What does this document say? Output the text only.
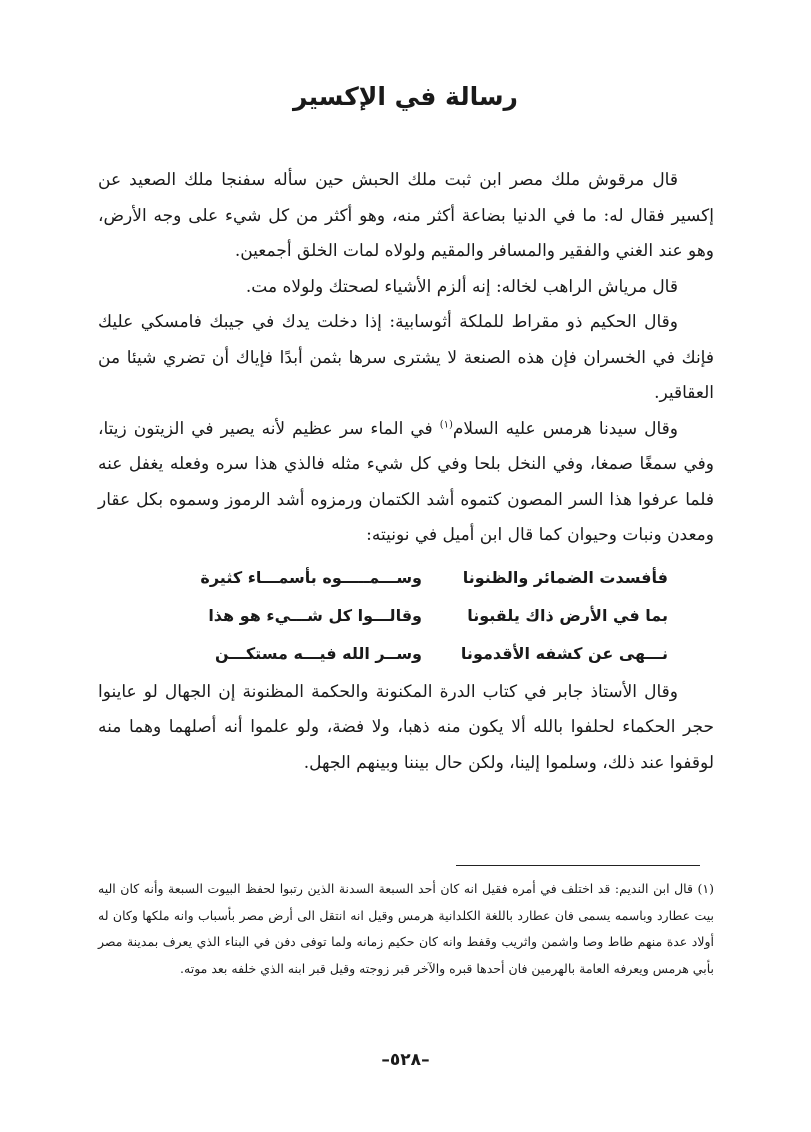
رسالة في الإكسير

قال مرقوش ملك مصر ابن ثبت ملك الحبش حين سأله سفنجا ملك الصعيد عن إكسير فقال له: ما في الدنيا بضاعة أكثر منه، وهو أكثر من كل شيء على وجه الأرض، وهو عند الغني والفقير والمسافر والمقيم ولولاه لمات الخلق أجمعين.

قال مرياش الراهب لخاله: إنه ألزم الأشياء لصحتك ولولاه مت.

وقال الحكيم ذو مقراط للملكة أثوسابية: إذا دخلت يدك في جيبك فامسكي عليك فإنك في الخسران فإن هذه الصنعة لا يشترى سرها بثمن أبدًا فإياك أن تضري شيئا من العقاقير.

وقال سيدنا هرمس عليه السلام$^{(١)}$ في الماء سر عظيم لأنه يصير في الزيتون زيتا، وفي سمغًا صمغا، وفي النخل بلحا وفي كل شيء مثله فالذي هذا سره وفعله يغفل عنه فلما عرفوا هذا السر المصون كتموه أشد الكتمان ورمزوه أشد الرموز وسموه بكل عقار ومعدن ونبات وحيوان كما قال ابن أميل في نونيته:

فأفسدت الضمائر والظنونا
وســـمـــــوه بأسمـــاء كثيرة
بما في الأرض ذاك يلقبونا
وقالـــوا كل شـــيء هو هذا
نـــهى عن كشفه الأقدمونا
وســر الله فيـــه مستكـــن

وقال الأستاذ جابر في كتاب الدرة المكنونة والحكمة المظنونة إن الجهال لو عاينوا حجر الحكماء لحلفوا بالله ألا يكون منه ذهبا، ولا فضة، ولو علموا أنه أصلهما وهما منه لوقفوا عند ذلك، وسلموا إلينا، ولكن حال بيننا وبينهم الجهل.

(١) قال ابن النديم: قد اختلف في أمره فقيل انه كان أحد السبعة السدنة الذين رتبوا لحفظ البيوت السبعة وأنه كان اليه بيت عطارد وباسمه يسمى فان عطارد باللغة الكلدانية هرمس وقيل انه انتقل الى أرض مصر بأسباب وانه ملكها وكان له أولاد عدة منهم طاط وصا واشمن واثريب وقفط وانه كان حكيم زمانه ولما توفى دفن في البناء الذي يعرف بمدينة مصر بأبي هرمس ويعرفه العامة بالهرمين فان أحدها قبره والآخر قبر زوجته وقيل قبر ابنه الذي خلفه بعد موته.

–٥٢٨–
